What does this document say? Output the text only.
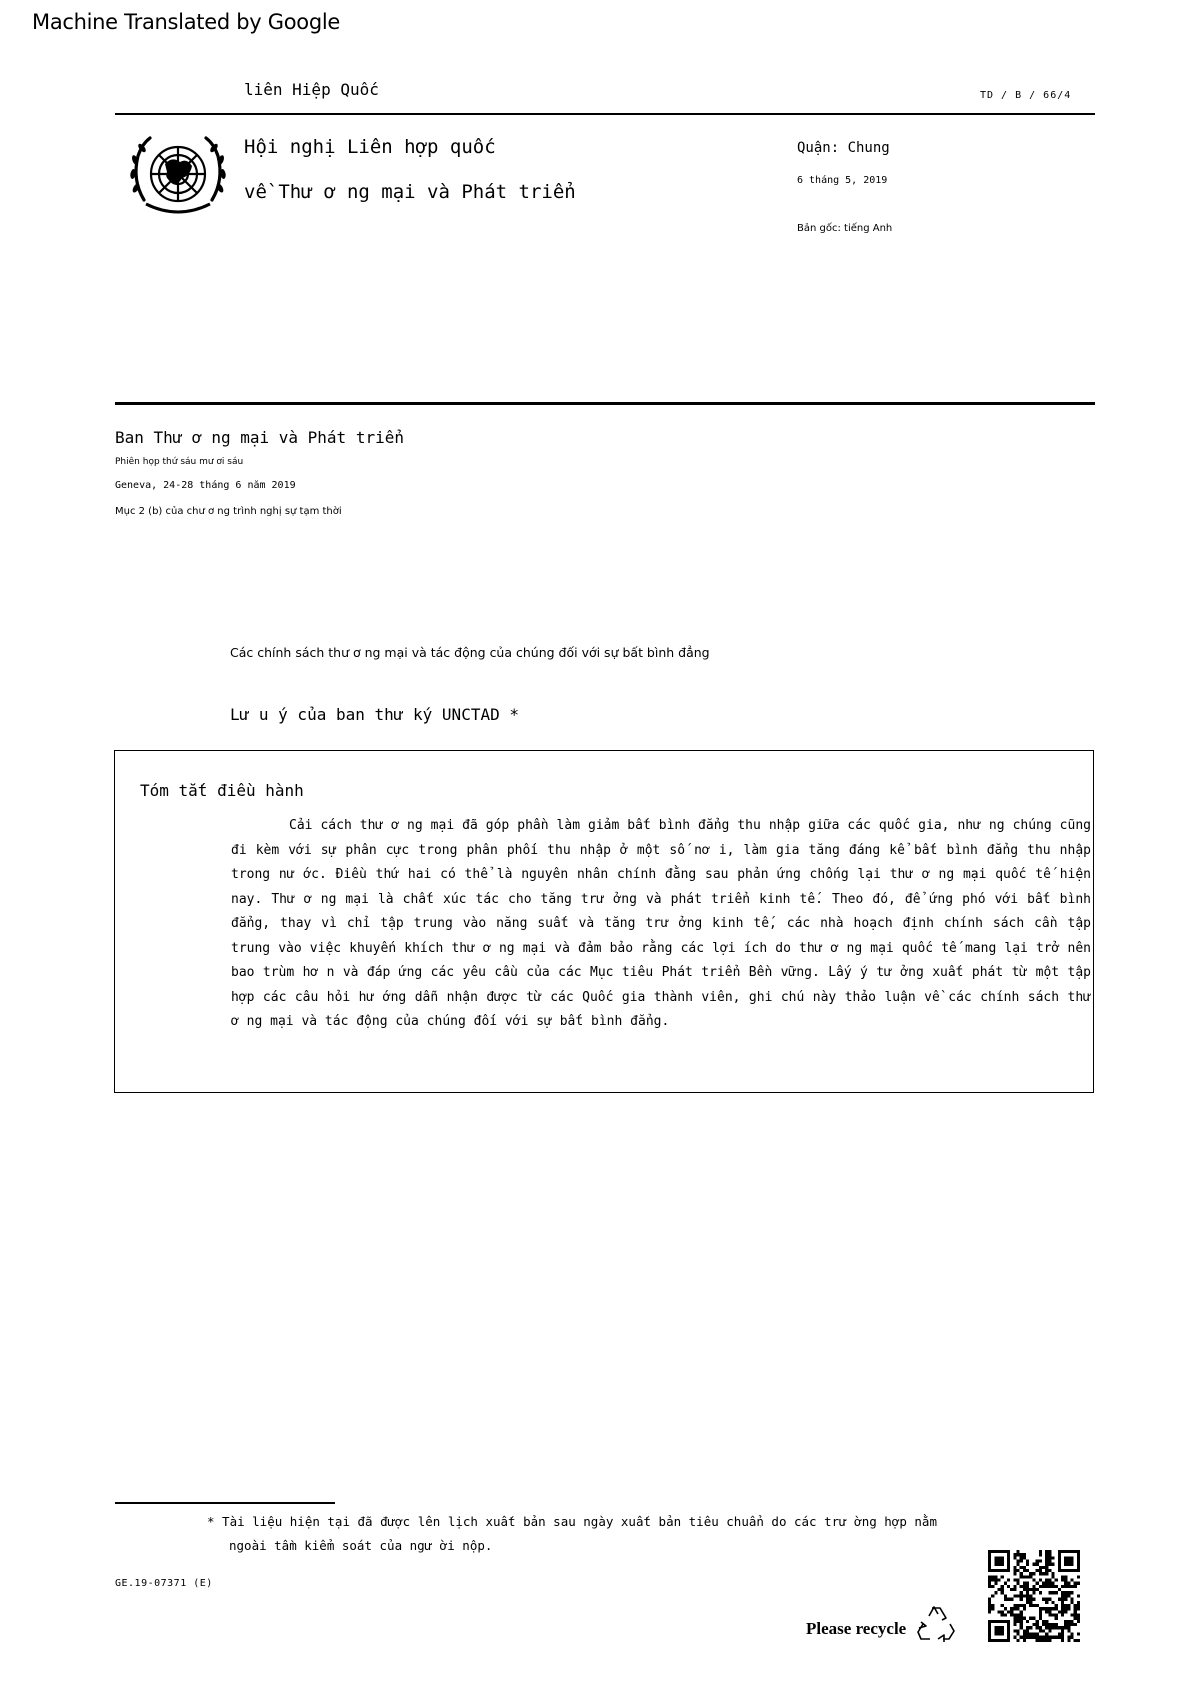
Machine Translated by Google
liên Hiệp Quốc	TD / B / 66/4
Hội nghị Liên hợp quốc
về Thư ơ ng mại và Phát triển
Quận: Chung
6 tháng 5, 2019
Bản gốc: tiếng Anh
Ban Thư ơ ng mại và Phát triển
Phiên họp thứ sáu mư ơi sáu
Geneva, 24-28 tháng 6 năm 2019
Mục 2 (b) của chư ơ ng trình nghị sự tạm thời
Các chính sách thư ơ ng mại và tác động của chúng đối với sự bất bình đẳng
Lư u ý của ban thư ký UNCTAD *
Tóm tắt điều hành

Cải cách thư ơ ng mại đã góp phần làm giảm bất bình đẳng thu nhập giữa các quốc gia, như ng chúng cũng đi kèm với sự phân cực trong phân phối thu nhập ở một số nơ i, làm gia tăng đáng kể bất bình đẳng thu nhập trong nư ớc. Điều thứ hai có thể là nguyên nhân chính đằng sau phản ứng chống lại thư ơ ng mại quốc tế hiện nay. Thư ơ ng mại là chất xúc tác cho tăng trư ởng và phát triển kinh tế. Theo đó, để ứng phó với bất bình đẳng, thay vì chỉ tập trung vào năng suất và tăng trư ởng kinh tế, các nhà hoạch định chính sách cần tập trung vào việc khuyến khích thư ơ ng mại và đảm bảo rằng các lợi ích do thư ơ ng mại quốc tế mang lại trở nên bao trùm hơ n và đáp ứng các yêu cầu của các Mục tiêu Phát triển Bền vững. Lấy ý tư ởng xuất phát từ một tập hợp các câu hỏi hư ớng dẫn nhận được từ các Quốc gia thành viên, ghi chú này thảo luận về các chính sách thư ơ ng mại và tác động của chúng đối với sự bất bình đẳng.

* Tài liệu hiện tại đã được lên lịch xuất bản sau ngày xuất bản tiêu chuẩn do các trư ờng hợp nằm ngoài tầm kiểm soát của ngư ời nộp.
GE.19-07371 (E)
Please recycle
